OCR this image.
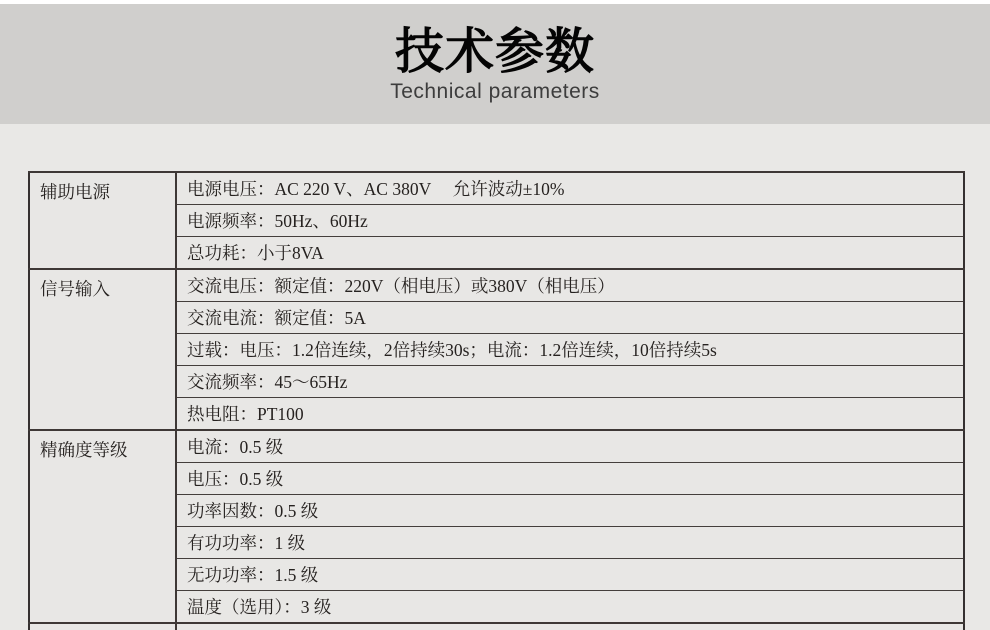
技术参数
Technical parameters
辅助电源	电源电压：AC 220 V、AC 380V     允许波动±10%
	电源频率：50Hz、60Hz
	总功耗：小于8VA
信号输入	交流电压：额定值：220V（相电压）或380V（相电压）
	交流电流：额定值：5A
	过载：电压：1.2倍连续，2倍持续30s；电流：1.2倍连续，10倍持续5s
	交流频率：45～65Hz
	热电阻：PT100
精确度等级	电流：0.5 级
	电压：0.5 级
	功率因数：0.5 级
	有功功率：1 级
	无功功率：1.5 级
	温度（选用）：3 级
